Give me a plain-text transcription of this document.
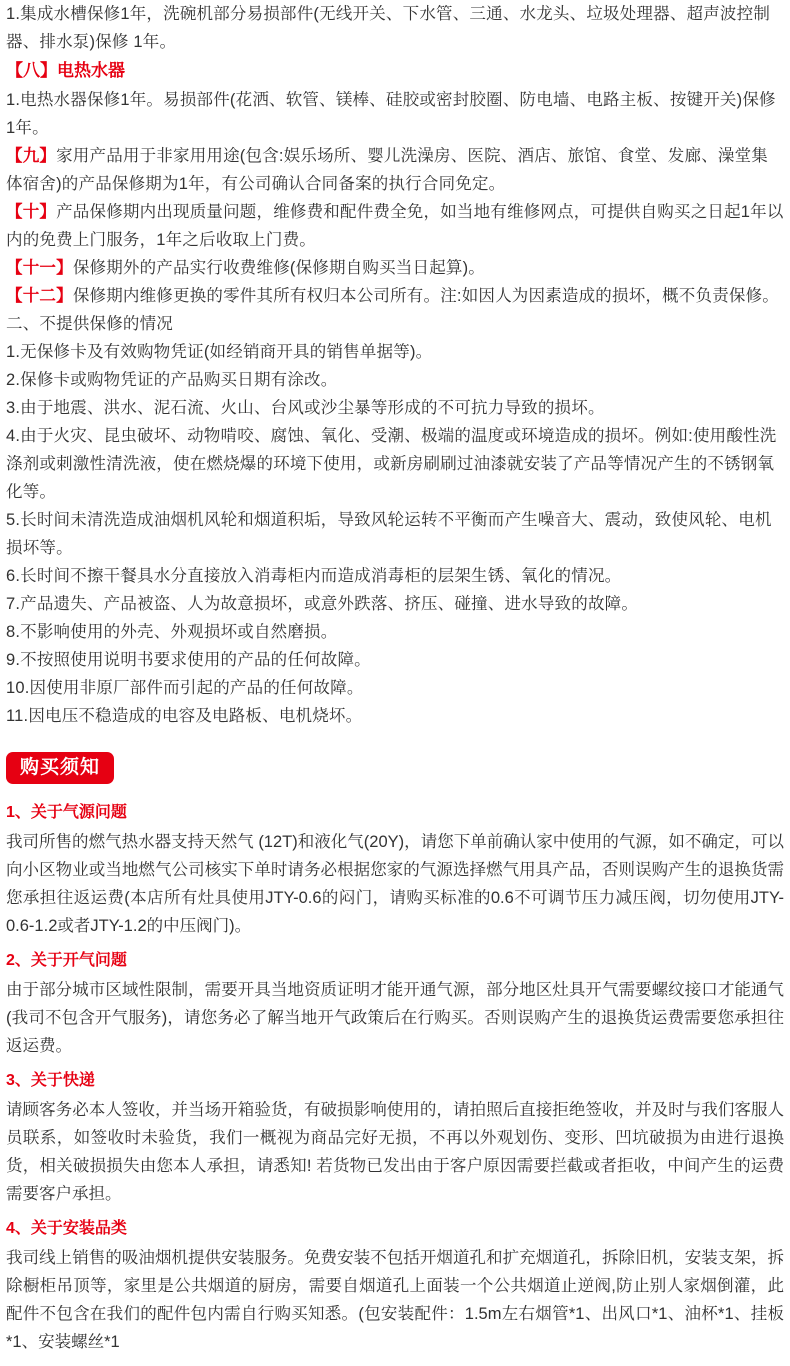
1.集成水槽保修1年，洗碗机部分易损部件(无线开关、下水管、三通、水龙头、垃圾处理器、超声波控制器、排水泵)保修 1年。

【八】电热水器

1.电热水器保修1年。易损部件(花洒、软管、镁棒、硅胶或密封胶圈、防电墙、电路主板、按键开关)保修1年。

【九】家用产品用于非家用用途(包含:娱乐场所、婴儿洗澡房、医院、酒店、旅馆、食堂、发廊、澡堂集体宿舍)的产品保修期为1年，有公司确认合同备案的执行合同免定。

【十】产品保修期内出现质量问题，维修费和配件费全免，如当地有维修网点，可提供自购买之日起1年以内的免费上门服务，1年之后收取上门费。

【十一】保修期外的产品实行收费维修(保修期自购买当日起算)。

【十二】保修期内维修更换的零件其所有权归本公司所有。注:如因人为因素造成的损坏，概不负责保修。

二、不提供保修的情况

1.无保修卡及有效购物凭证(如经销商开具的销售单据等)。

2.保修卡或购物凭证的产品购买日期有涂改。

3.由于地震、洪水、泥石流、火山、台风或沙尘暴等形成的不可抗力导致的损坏。

4.由于火灾、昆虫破坏、动物啃咬、腐蚀、氧化、受潮、极端的温度或环境造成的损坏。例如:使用酸性洗涤剂或刺激性清洗液，使在燃烧爆的环境下使用，或新房刷刷过油漆就安装了产品等情况产生的不锈钢氧化等。

5.长时间未清洗造成油烟机风轮和烟道积垢，导致风轮运转不平衡而产生噪音大、震动，致使风轮、电机损坏等。

6.长时间不擦干餐具水分直接放入消毒柜内而造成消毒柜的层架生锈、氧化的情况。

7.产品遗失、产品被盗、人为故意损坏，或意外跌落、挤压、碰撞、进水导致的故障。

8.不影响使用的外壳、外观损坏或自然磨损。

9.不按照使用说明书要求使用的产品的任何故障。

10.因使用非原厂部件而引起的产品的任何故障。

11.因电压不稳造成的电容及电路板、电机烧坏。

购买须知

1、关于气源问题

我司所售的燃气热水器支持天然气 (12T)和液化气(20Y)，请您下单前确认家中使用的气源，如不确定，可以向小区物业或当地燃气公司核实下单时请务必根据您家的气源选择燃气用具产品，否则误购产生的退换货需您承担往返运费(本店所有灶具使用JTY-0.6的闷门，请购买标准的0.6不可调节压力减压阀，切勿使用JTY-0.6-1.2或者JTY-1.2的中压阀门)。

2、关于开气问题

由于部分城市区域性限制，需要开具当地资质证明才能开通气源，部分地区灶具开气需要螺纹接口才能通气(我司不包含开气服务)，请您务必了解当地开气政策后在行购买。否则误购产生的退换货运费需要您承担往返运费。

3、关于快递

请顾客务必本人签收，并当场开箱验货，有破损影响使用的，请拍照后直接拒绝签收，并及时与我们客服人员联系，如签收时未验货，我们一概视为商品完好无损，不再以外观划伤、变形、凹坑破损为由进行退换货，相关破损损失由您本人承担，请悉知! 若货物已发出由于客户原因需要拦截或者拒收，中间产生的运费需要客户承担。

4、关于安装品类

我司线上销售的吸油烟机提供安装服务。免费安装不包括开烟道孔和扩充烟道孔，拆除旧机，安装支架，拆除橱柜吊顶等，家里是公共烟道的厨房，需要自烟道孔上面装一个公共烟道止逆阀,防止别人家烟倒灌，此配件不包含在我们的配件包内需自行购买知悉。(包安装配件：1.5m左右烟管*1、出风口*1、油杯*1、挂板*1、安装螺丝*1
